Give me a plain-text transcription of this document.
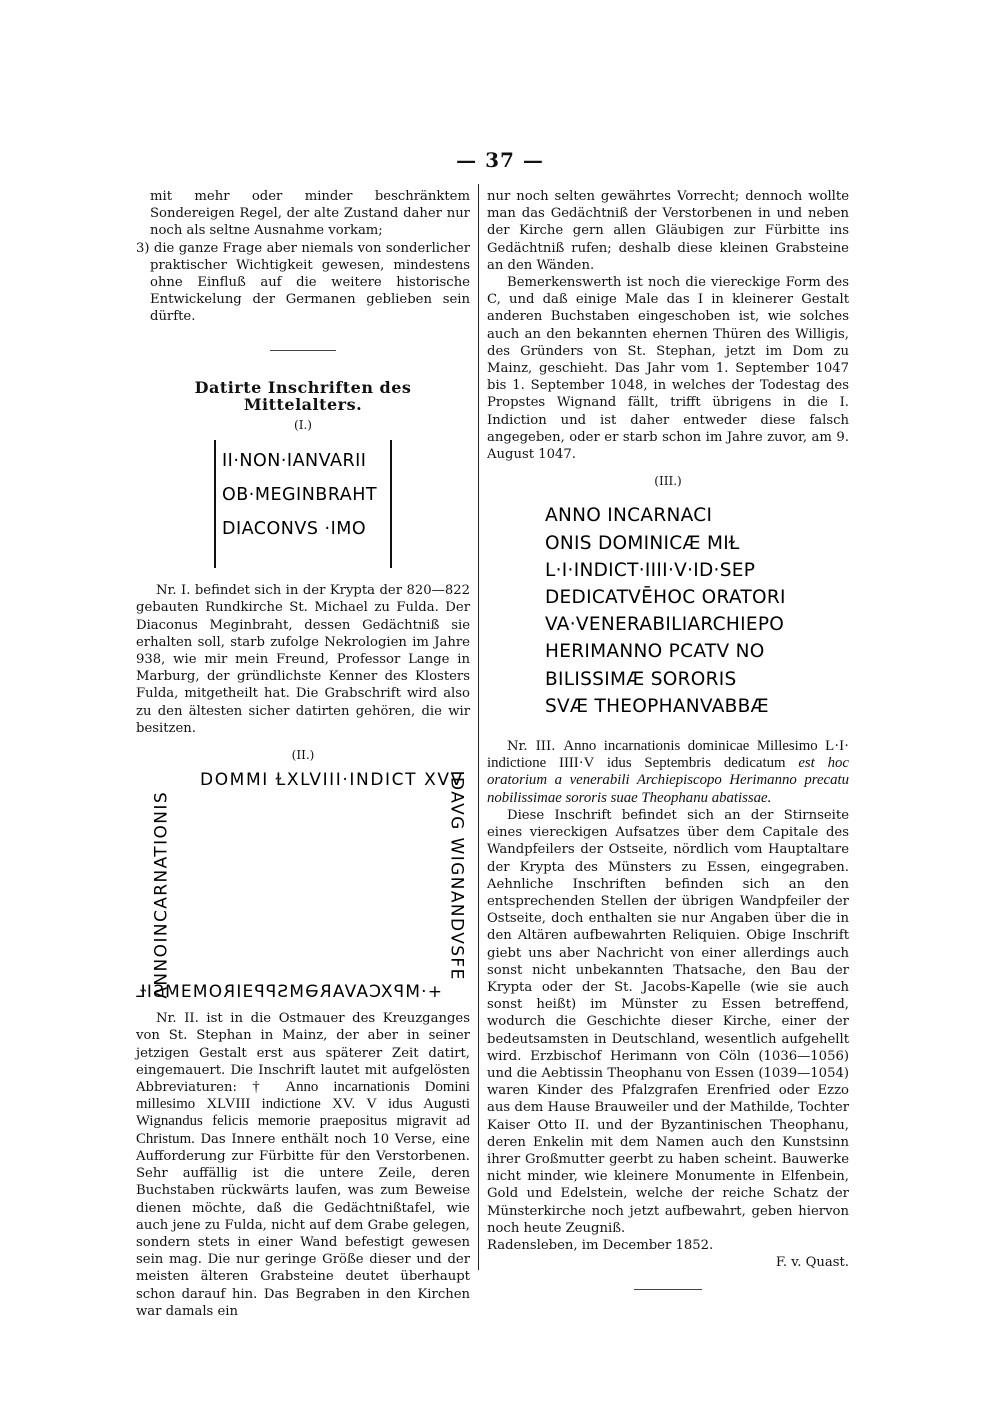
— 37 —

mit mehr oder minder beschränktem Sondereigen Regel, der alte Zustand daher nur noch als seltne Ausnahme vorkam;

3) die ganze Frage aber niemals von sonderlicher praktischer Wichtigkeit gewesen, mindestens ohne Einfluß auf die weitere historische Entwickelung der Germanen geblieben sein dürfte.

Datirte Inschriften des Mittelalters.
(I.)
II·NON·IANVARII
OB·MEGINBRAHT
DIACONVS ·IMO

Nr. I. befindet sich in der Krypta der 820—822 gebauten Rundkirche St. Michael zu Fulda. Der Diaconus Meginbraht, dessen Gedächtniß sie erhalten soll, starb zufolge Nekrologien im Jahre 938, wie mir mein Freund, Professor Lange in Marburg, der gründlichste Kenner des Klosters Fulda, mitgetheilt hat. Die Grabschrift wird also zu den ältesten sicher datirten gehören, die wir besitzen.

(II.)
DOMMI ⱢXLVIII·INDICT XVV
ANNOINCARNATIONIS	IDAVG WIGNANDVSFE
+·MPXCAVARƏMSPPƎIROMƎMSIⱢ

Nr. II. ist in die Ostmauer des Kreuzganges von St. Stephan in Mainz, der aber in seiner jetzigen Gestalt erst aus späterer Zeit datirt, eingemauert. Die Inschrift lautet mit aufgelösten Abbreviaturen: † Anno incarnationis Domini millesimo XLVIII indictione XV. V idus Augusti Wignandus felicis memorie praepositus migravit ad Christum. Das Innere enthält noch 10 Verse, eine Aufforderung zur Fürbitte für den Verstorbenen. Sehr auffällig ist die untere Zeile, deren Buchstaben rückwärts laufen, was zum Beweise dienen möchte, daß die Gedächtnißtafel, wie auch jene zu Fulda, nicht auf dem Grabe gelegen, sondern stets in einer Wand befestigt gewesen sein mag. Die nur geringe Größe dieser und der meisten älteren Grabsteine deutet überhaupt schon darauf hin. Das Begraben in den Kirchen war damals ein

nur noch selten gewährtes Vorrecht; dennoch wollte man das Gedächtniß der Verstorbenen in und neben der Kirche gern allen Gläubigen zur Fürbitte ins Gedächtniß rufen; deshalb diese kleinen Grabsteine an den Wänden.

Bemerkenswerth ist noch die viereckige Form des C, und daß einige Male das I in kleinerer Gestalt anderen Buchstaben eingeschoben ist, wie solches auch an den bekannten ehernen Thüren des Willigis, des Gründers von St. Stephan, jetzt im Dom zu Mainz, geschieht. Das Jahr vom 1. September 1047 bis 1. September 1048, in welches der Todestag des Propstes Wignand fällt, trifft übrigens in die I. Indiction und ist daher entweder diese falsch angegeben, oder er starb schon im Jahre zuvor, am 9. August 1047.

(III.)
ANNO INCARNACI
ONIS DOMINICÆ MIⱢ
L·I·INDICT·IIII·V·ID·SEP
DEDICATVĒHOC ORATORI
VA·VENERABILIARCHIEPO
HERIMANNO PCATV NO
BILISSIMÆ SORORIS
SVÆ THEOPHANVABBÆ

Nr. III. Anno incarnationis dominicae Millesimo L·I· indictione IIII·V idus Septembris dedicatum est hoc oratorium a venerabili Archiepiscopo Herimanno precatu nobilissimae sororis suae Theophanu abatissae.

Diese Inschrift befindet sich an der Stirnseite eines viereckigen Aufsatzes über dem Capitale des Wandpfeilers der Ostseite, nördlich vom Hauptaltare der Krypta des Münsters zu Essen, eingegraben. Aehnliche Inschriften befinden sich an den entsprechenden Stellen der übrigen Wandpfeiler der Ostseite, doch enthalten sie nur Angaben über die in den Altären aufbewahrten Reliquien. Obige Inschrift giebt uns aber Nachricht von einer allerdings auch sonst nicht unbekannten Thatsache, den Bau der Krypta oder der St. Jacobs-Kapelle (wie sie auch sonst heißt) im Münster zu Essen betreffend, wodurch die Geschichte dieser Kirche, einer der bedeutsamsten in Deutschland, wesentlich aufgehellt wird. Erzbischof Herimann von Cöln (1036—1056) und die Aebtissin Theophanu von Essen (1039—1054) waren Kinder des Pfalzgrafen Erenfried oder Ezzo aus dem Hause Brauweiler und der Mathilde, Tochter Kaiser Otto II. und der Byzantinischen Theophanu, deren Enkelin mit dem Namen auch den Kunstsinn ihrer Großmutter geerbt zu haben scheint. Bauwerke nicht minder, wie kleinere Monumente in Elfenbein, Gold und Edelstein, welche der reiche Schatz der Münsterkirche noch jetzt aufbewahrt, geben hiervon noch heute Zeugniß.

Radensleben, im December 1852.

F. v. Quast.
